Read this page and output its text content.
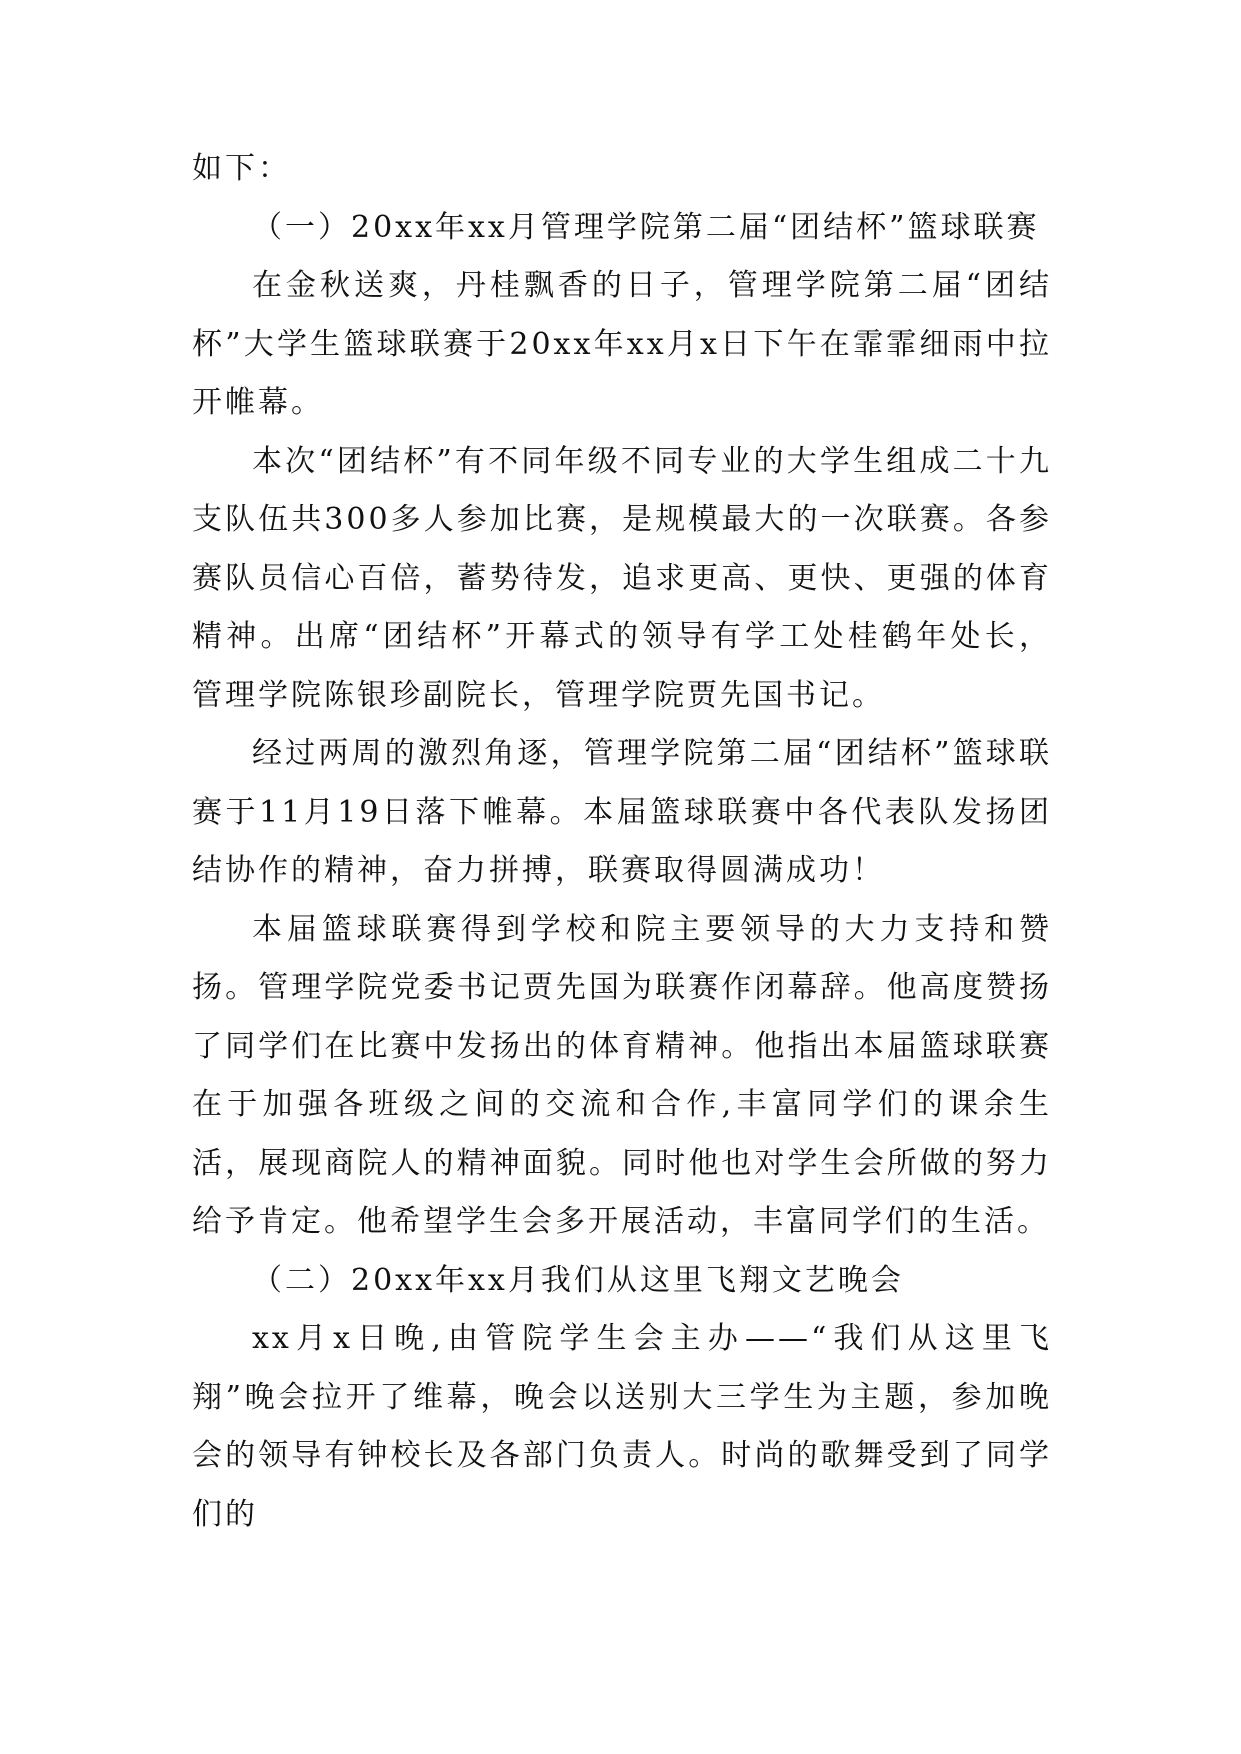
如下：

（一）20xx年xx月管理学院第二届“团结杯”篮球联赛

在金秋送爽，丹桂飘香的日子，管理学院第二届“团结杯”大学生篮球联赛于20xx年xx月x日下午在霏霏细雨中拉开帷幕。

本次“团结杯”有不同年级不同专业的大学生组成二十九支队伍共300多人参加比赛，是规模最大的一次联赛。各参赛队员信心百倍，蓄势待发，追求更高、更快、更强的体育精神。出席“团结杯”开幕式的领导有学工处桂鹤年处长，管理学院陈银珍副院长，管理学院贾先国书记。

经过两周的激烈角逐，管理学院第二届“团结杯”篮球联赛于11月19日落下帷幕。本届篮球联赛中各代表队发扬团结协作的精神，奋力拼搏，联赛取得圆满成功！

本届篮球联赛得到学校和院主要领导的大力支持和赞扬。管理学院党委书记贾先国为联赛作闭幕辞。他高度赞扬了同学们在比赛中发扬出的体育精神。他指出本届篮球联赛在于加强各班级之间的交流和合作,丰富同学们的课余生活，展现商院人的精神面貌。同时他也对学生会所做的努力给予肯定。他希望学生会多开展活动，丰富同学们的生活。

（二）20xx年xx月我们从这里飞翔文艺晚会

xx月x日晚,由管院学生会主办——“我们从这里飞翔”晚会拉开了维幕，晚会以送别大三学生为主题，参加晚会的领导有钟校长及各部门负责人。时尚的歌舞受到了同学们的
